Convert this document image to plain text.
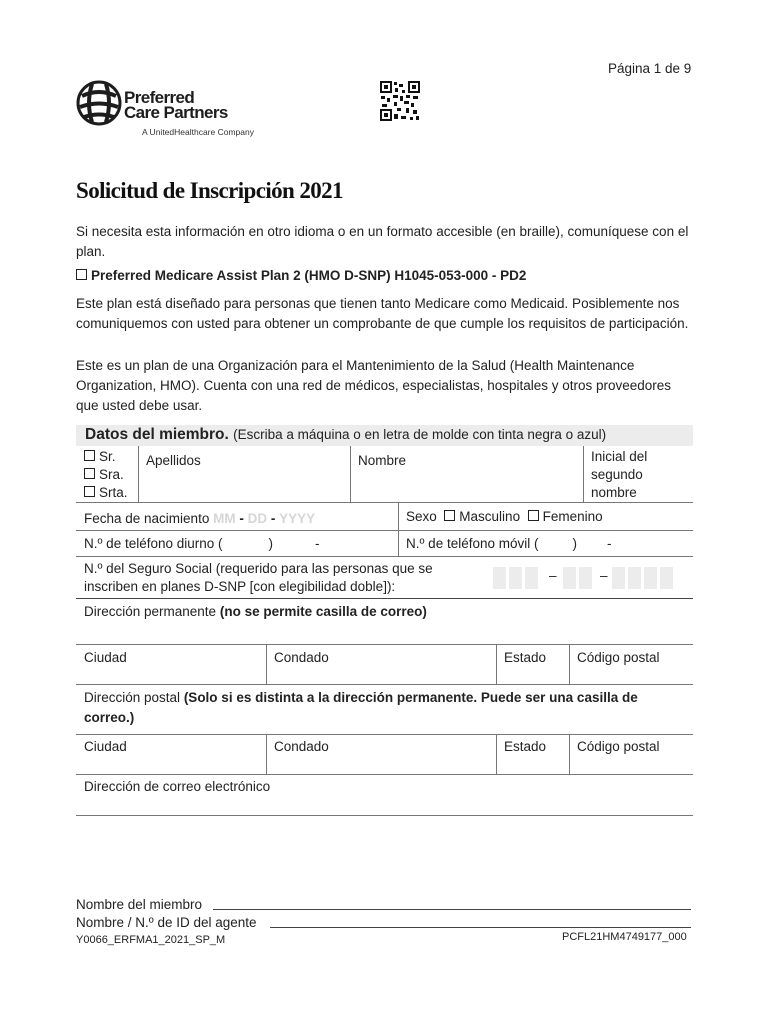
Página 1 de 9
Preferred
Care Partners
A UnitedHealthcare Company
Solicitud de Inscripción 2021
Si necesita esta información en otro idioma o en un formato accesible (en braille), comuníquese con el plan.
Preferred Medicare Assist Plan 2 (HMO D-SNP) H1045-053-000 - PD2
Este plan está diseñado para personas que tienen tanto Medicare como Medicaid. Posiblemente nos comuniquemos con usted para obtener un comprobante de que cumple los requisitos de participación.
Este es un plan de una Organización para el Mantenimiento de la Salud (Health Maintenance Organization, HMO). Cuenta con una red de médicos, especialistas, hospitales y otros proveedores que usted debe usar.
Datos del miembro. (Escriba a máquina o en letra de molde con tinta negra o azul)
Sr.
Sra.
Srta.
Apellidos	Nombre	Inicial del segundo nombre
Fecha de nacimiento MM - DD - YYYY	Sexo Masculino Femenino
N.º de teléfono diurno (	)	-	N.º de teléfono móvil (	) -
N.º del Seguro Social (requerido para las personas que se inscriben en planes D-SNP [con elegibilidad doble]):
–	–
Dirección permanente (no se permite casilla de correo)
Ciudad	Condado	Estado Código postal
Dirección postal (Solo si es distinta a la dirección permanente. Puede ser una casilla de correo.)
Ciudad	Condado	Estado Código postal
Dirección de correo electrónico
Nombre del miembro
Nombre / N.º de ID del agente
Y0066_ERFMA1_2021_SP_M	PCFL21HM4749177_000
